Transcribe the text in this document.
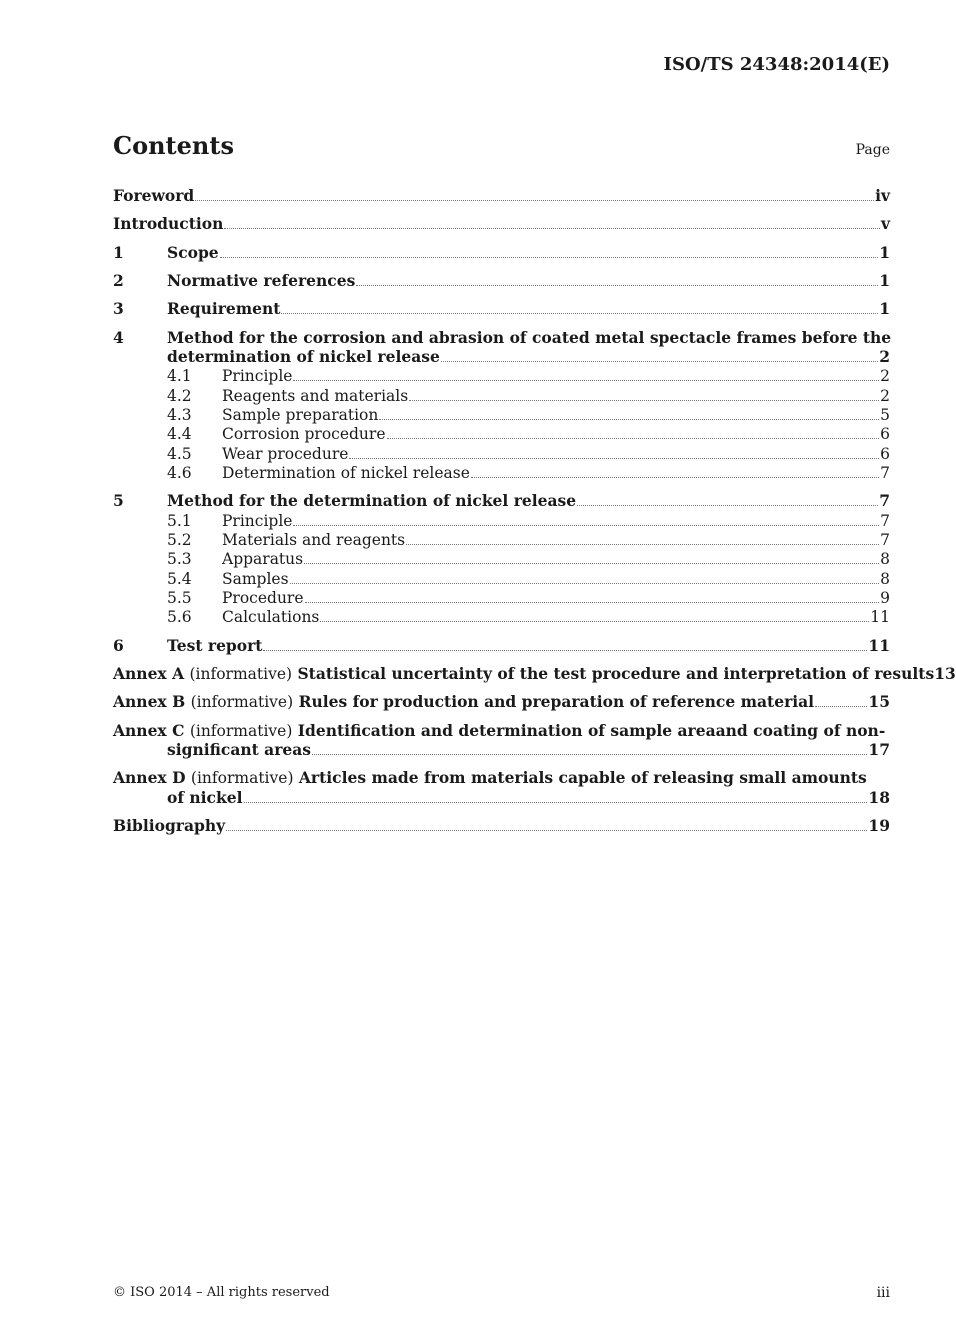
ISO/TS 24348:2014(E)
Contents	Page
Foreword	iv
Introduction	v
1	Scope	1
2	Normative references	1
3	Requirement	1
4	Method for the corrosion and abrasion of coated metal spectacle frames before the
determination of nickel release	2
4.1	Principle	2
4.2	Reagents and materials	2
4.3	Sample preparation	5
4.4	Corrosion procedure	6
4.5	Wear procedure	6
4.6	Determination of nickel release	7
5	Method for the determination of nickel release	7
5.1	Principle	7
5.2	Materials and reagents	7
5.3	Apparatus	8
5.4	Samples	8
5.5	Procedure	9
5.6	Calculations	11
6	Test report	11
Annex A (informative) Statistical uncertainty of the test procedure and interpretation of results 13
Annex B (informative) Rules for production and preparation of reference material	15
Annex C (informative) Identification and determination of sample areaand coating of non-
significant areas	17
Annex D (informative) Articles made from materials capable of releasing small amounts
of nickel	18
Bibliography	19
© ISO 2014 – All rights reserved	iii
